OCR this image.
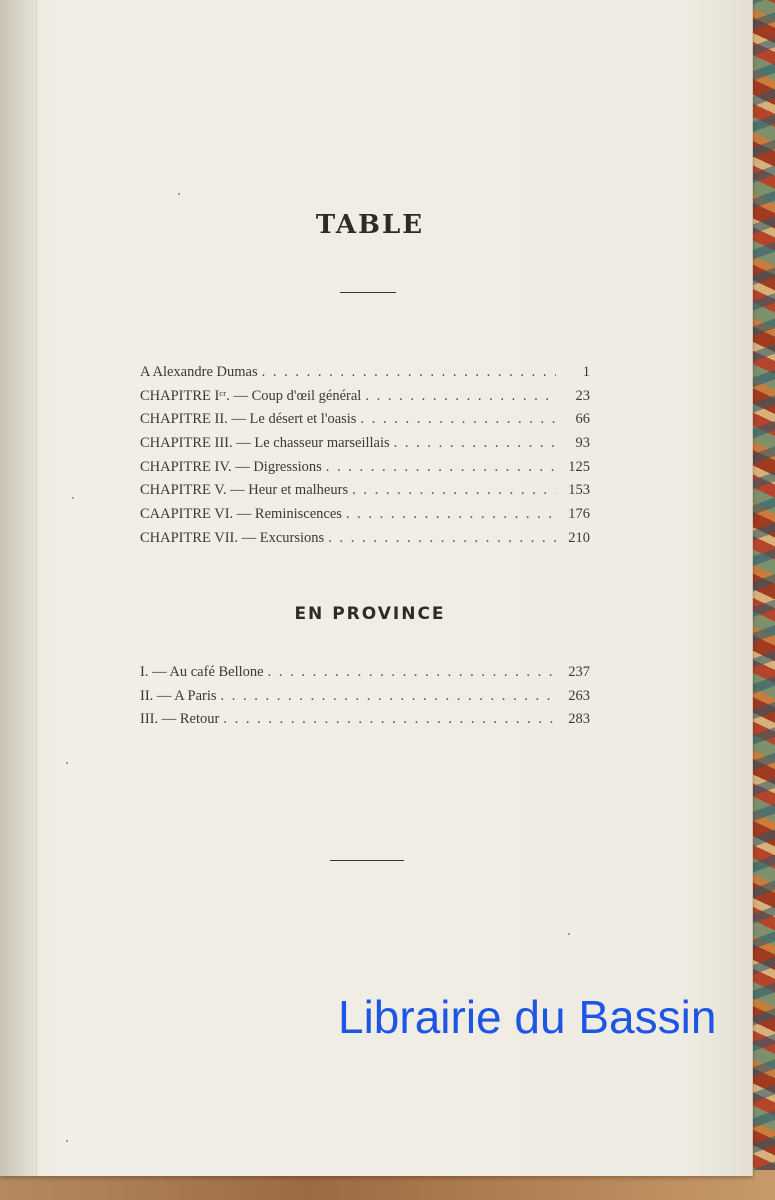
TABLE
A Alexandre Dumas . . .	1
CHAPITRE Iᶜʳ. — Coup d'œil général . . .	23
CHAPITRE II. — Le désert et l'oasis . . .	66
CHAPITRE III. — Le chasseur marseillais . . .	93
CHAPITRE IV. — Digressions . . .	125
CHAPITRE V. — Heur et malheurs . . .	153
CAAPITRE VI. — Reminiscences . . .	176
CHAPITRE VII. — Excursions . . .	210
EN PROVINCE
I. — Au café Bellone . . .	237
II. — A Paris . . .	263
III. — Retour . . .	283
Librairie du Bassin
